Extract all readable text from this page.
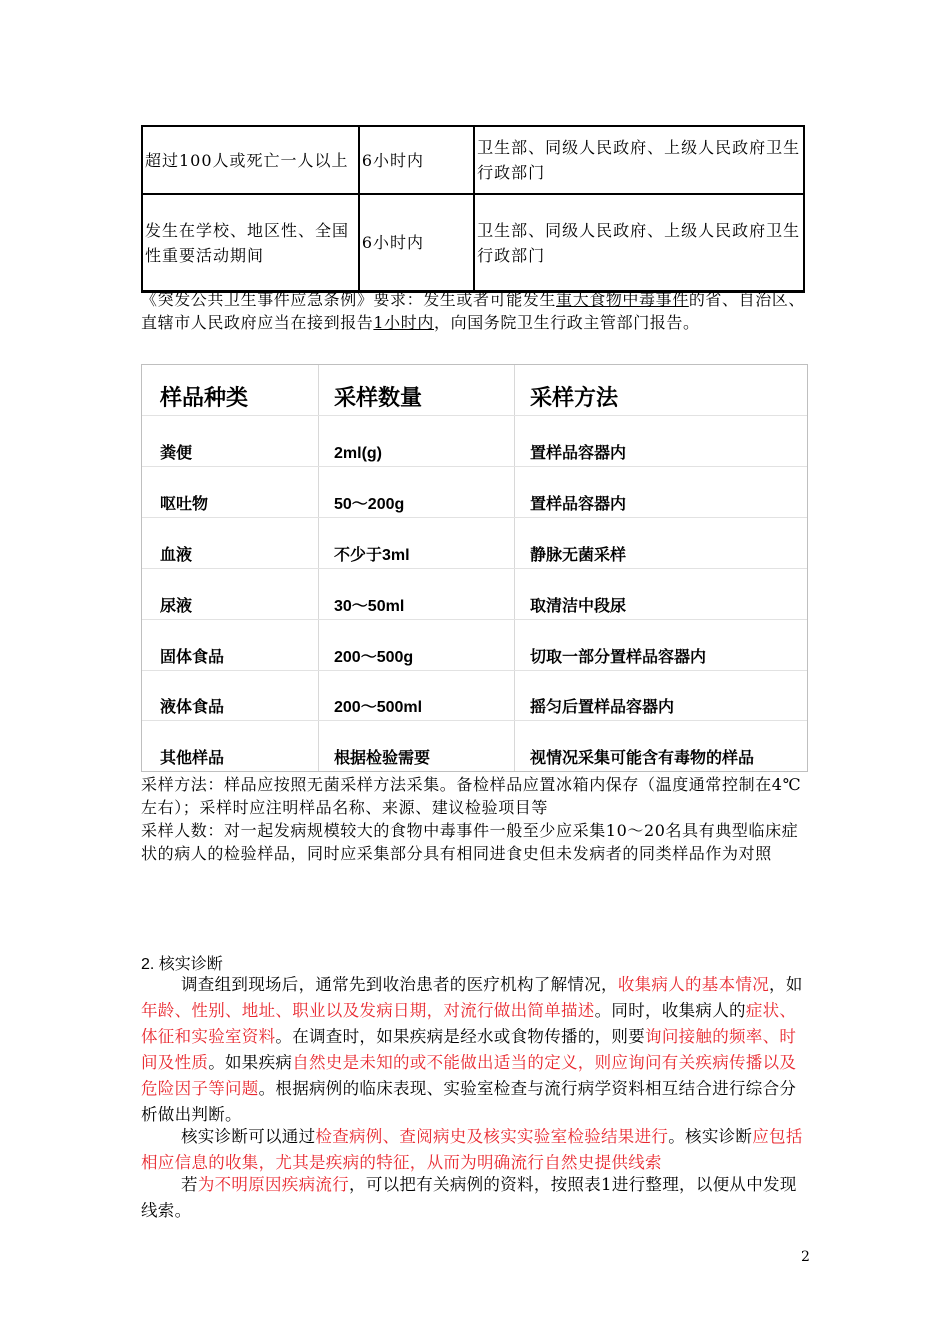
超过100人或死亡一人以上	6小时内	卫生部、同级人民政府、上级人民政府卫生行政部门
发生在学校、地区性、全国性重要活动期间	6小时内	卫生部、同级人民政府、上级人民政府卫生行政部门
《突发公共卫生事件应急条例》要求：发生或者可能发生重大食物中毒事件的省、自治区、直辖市人民政府应当在接到报告1小时内，向国务院卫生行政主管部门报告。
样品种类	采样数量	采样方法
粪便	2ml(g)	置样品容器内
呕吐物	50～200g	置样品容器内
血液	不少于3ml	静脉无菌采样
尿液	30～50ml	取清洁中段尿
固体食品	200～500g	切取一部分置样品容器内
液体食品	200～500ml	摇匀后置样品容器内
其他样品	根据检验需要	视情况采集可能含有毒物的样品
采样方法：样品应按照无菌采样方法采集。备检样品应置冰箱内保存（温度通常控制在4℃左右）；采样时应注明样品名称、来源、建议检验项目等
采样人数：对一起发病规模较大的食物中毒事件一般至少应采集10～20名具有典型临床症状的病人的检验样品，同时应采集部分具有相同进食史但未发病者的同类样品作为对照
2. 核实诊断
调查组到现场后，通常先到收治患者的医疗机构了解情况，收集病人的基本情况，如年龄、性别、地址、职业以及发病日期，对流行做出简单描述。同时，收集病人的症状、体征和实验室资料。在调查时，如果疾病是经水或食物传播的，则要询问接触的频率、时间及性质。如果疾病自然史是未知的或不能做出适当的定义，则应询问有关疾病传播以及危险因子等问题。根据病例的临床表现、实验室检查与流行病学资料相互结合进行综合分析做出判断。
核实诊断可以通过检查病例、查阅病史及核实实验室检验结果进行。核实诊断应包括相应信息的收集，尤其是疾病的特征，从而为明确流行自然史提供线索
若为不明原因疾病流行，可以把有关病例的资料，按照表1进行整理，以便从中发现线索。
2
